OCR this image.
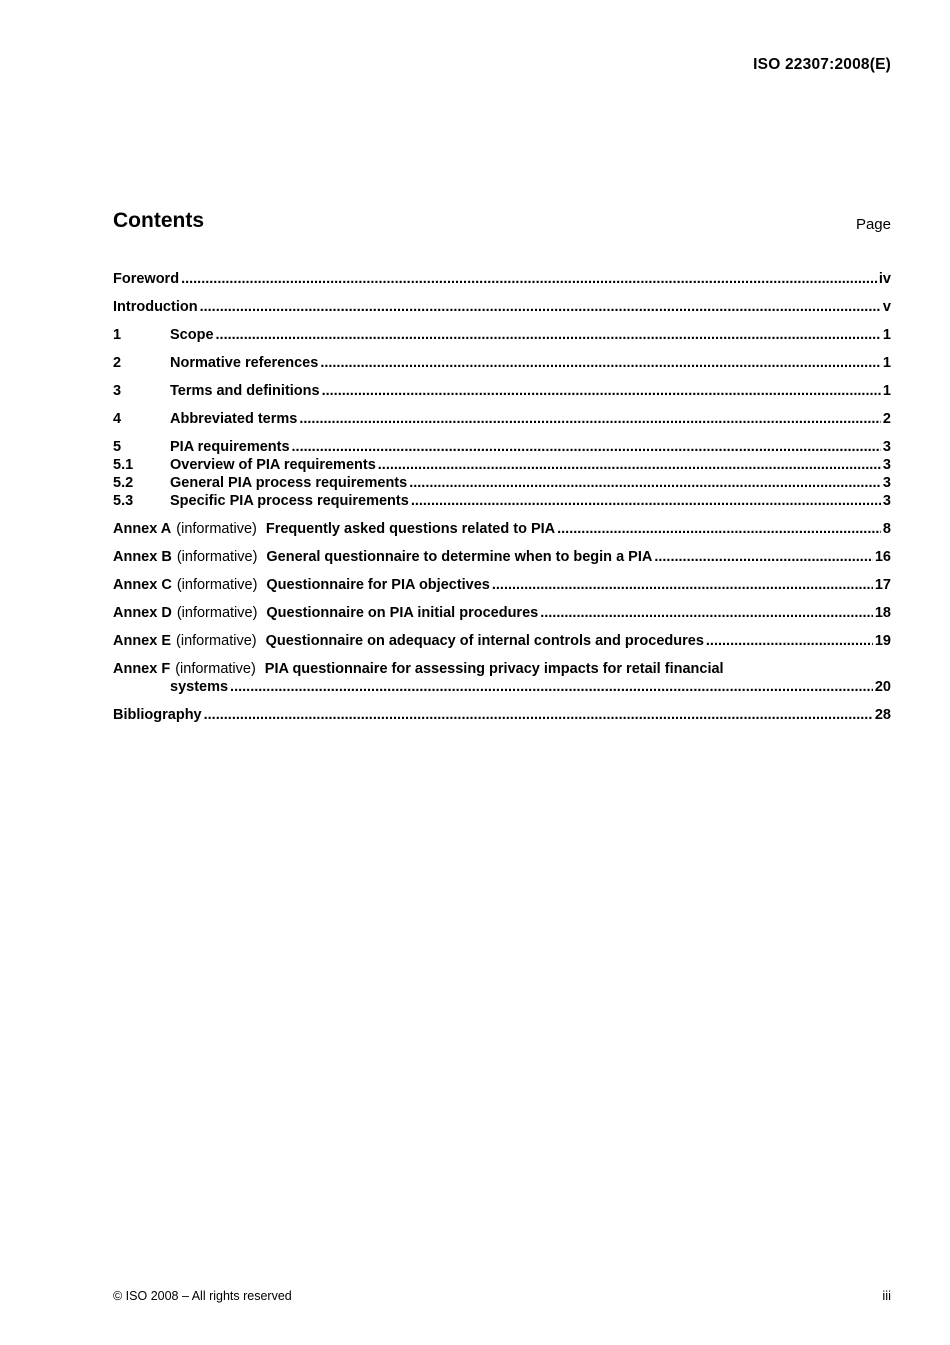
ISO 22307:2008(E)
Contents	Page
Foreword .....	iv
Introduction .....	v
1	Scope .....	1
2	Normative references .....	1
3	Terms and definitions .....	1
4	Abbreviated terms .....	2
5	PIA requirements .....	3
5.1	Overview of PIA requirements .....	3
5.2	General PIA process requirements .....	3
5.3	Specific PIA process requirements .....	3
Annex A (informative) Frequently asked questions related to PIA .....	8
Annex B (informative) General questionnaire to determine when to begin a PIA .....	16
Annex C (informative) Questionnaire for PIA objectives .....	17
Annex D (informative) Questionnaire on PIA initial procedures .....	18
Annex E (informative) Questionnaire on adequacy of internal controls and procedures .....	19
Annex F (informative) PIA questionnaire for assessing privacy impacts for retail financial
systems .....	20
Bibliography .....	28
© ISO 2008 – All rights reserved	iii
